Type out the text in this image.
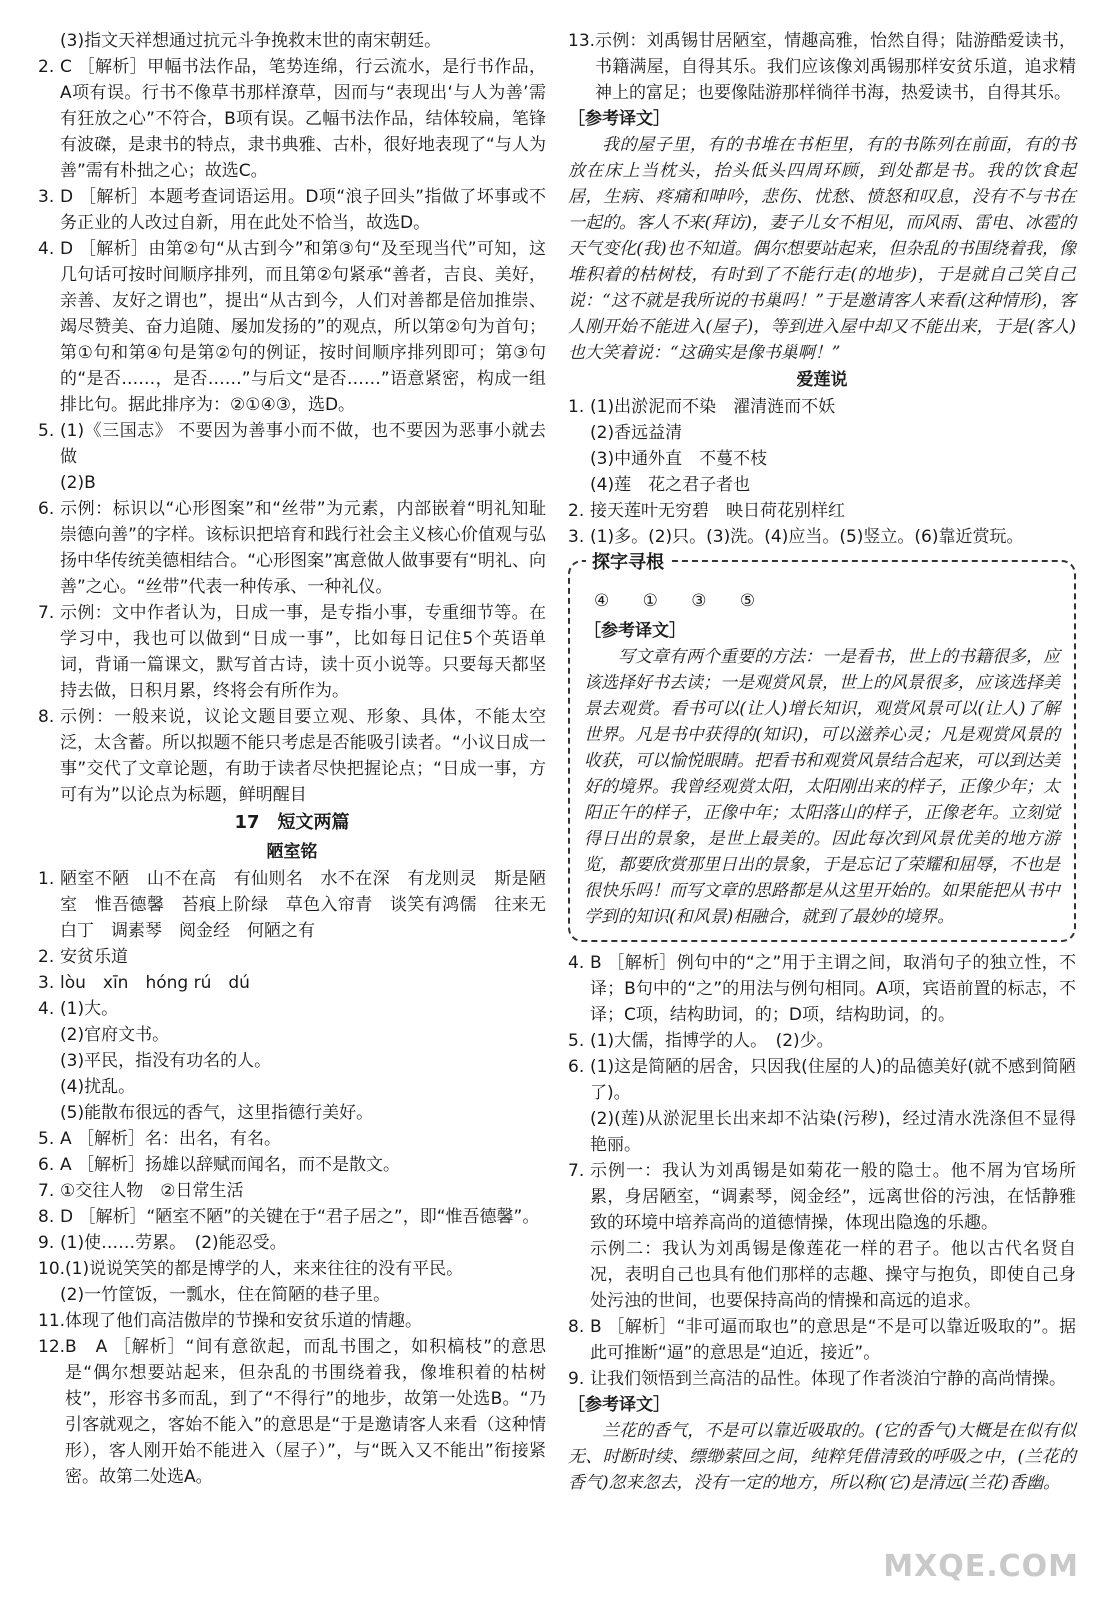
(3)指文天祥想通过抗元斗争挽救末世的南宋朝廷。
2. C ［解析］甲幅书法作品，笔势连绵，行云流水，是行书作品，A项有误。行书不像草书那样潦草，因而与“表现出‘与人为善’需有狂放之心”不符合，B项有误。乙幅书法作品，结体较扁，笔锋有波磔，是隶书的特点，隶书典雅、古朴，很好地表现了“与人为善”需有朴拙之心；故选C。
3. D ［解析］本题考查词语运用。D项“浪子回头”指做了坏事或不务正业的人改过自新，用在此处不恰当，故选D。
4. D ［解析］由第②句“从古到今”和第③句“及至现当代”可知，这几句话可按时间顺序排列，而且第②句紧承“善者，吉良、美好，亲善、友好之谓也”，提出“从古到今，人们对善都是倍加推崇、竭尽赞美、奋力追随、屡加发扬的”的观点，所以第②句为首句；第①句和第④句是第②句的例证，按时间顺序排列即可；第③句的“是否……，是否……”与后文“是否……”语意紧密，构成一组排比句。据此排序为：②①④③，选D。
5. (1)《三国志》 不要因为善事小而不做，也不要因为恶事小就去做
(2)B
6. 示例：标识以“心形图案”和“丝带”为元素，内部嵌着“明礼知耻崇德向善”的字样。该标识把培育和践行社会主义核心价值观与弘扬中华传统美德相结合。“心形图案”寓意做人做事要有“明礼、向善”之心。“丝带”代表一种传承、一种礼仪。
7. 示例：文中作者认为，日成一事，是专指小事，专重细节等。在学习中，我也可以做到“日成一事”，比如每日记住5个英语单词，背诵一篇课文，默写首古诗，读十页小说等。只要每天都坚持去做，日积月累，终将会有所作为。
8. 示例：一般来说，议论文题目要立观、形象、具体，不能太空泛，太含蓄。所以拟题不能只考虑是否能吸引读者。“小议日成一事”交代了文章论题，有助于读者尽快把握论点；“日成一事，方可有为”以论点为标题，鲜明醒目
17　短文两篇
陋室铭
1. 陋室不陋　山不在高　有仙则名　水不在深　有龙则灵　斯是陋室　惟吾德馨　苔痕上阶绿　草色入帘青　谈笑有鸿儒　往来无白丁　调素琴　阅金经　何陋之有
2. 安贫乐道
3. lòu　xīn　hóng rú　dú
4. (1)大。
(2)官府文书。
(3)平民，指没有功名的人。
(4)扰乱。
(5)能散布很远的香气，这里指德行美好。
5. A ［解析］名：出名，有名。
6. A ［解析］扬雄以辞赋而闻名，而不是散文。
7. ①交往人物　②日常生活
8. D ［解析］“陋室不陋”的关键在于“君子居之”，即“惟吾德馨”。
9. (1)使……劳累。　(2)能忍受。
10. (1)说说笑笑的都是博学的人，来来往往的没有平民。
(2)一竹筐饭，一瓢水，住在简陋的巷子里。
11. 体现了他们高洁傲岸的节操和安贫乐道的情趣。
12. B　A ［解析］“间有意欲起，而乱书围之，如积槁枝”的意思是“偶尔想要站起来，但杂乱的书围绕着我，像堆积着的枯树枝”，形容书多而乱，到了“不得行”的地步，故第一处选B。“乃引客就观之，客始不能入”的意思是“于是邀请客人来看（这种情形），客人刚开始不能进入（屋子）”，与“既入又不能出”衔接紧密。故第二处选A。
13. 示例：刘禹锡甘居陋室，情趣高雅，怡然自得；陆游酷爱读书，书籍满屋，自得其乐。我们应该像刘禹锡那样安贫乐道，追求精神上的富足；也要像陆游那样徜徉书海，热爱读书，自得其乐。
［参考译文］
我的屋子里，有的书堆在书柜里，有的书陈列在前面，有的书放在床上当枕头，抬头低头四周环顾，到处都是书。我的饮食起居，生病、疼痛和呻吟，悲伤、忧愁、愤怒和叹息，没有不与书在一起的。客人不来(拜访)，妻子儿女不相见，而风雨、雷电、冰雹的天气变化(我)也不知道。偶尔想要站起来，但杂乱的书围绕着我，像堆积着的枯树枝，有时到了不能行走(的地步)，于是就自己笑自己说：“这不就是我所说的书巢吗！”于是邀请客人来看(这种情形)，客人刚开始不能进入(屋子)，等到进入屋中却又不能出来，于是(客人)也大笑着说：“这确实是像书巢啊！”
爱莲说
1. (1)出淤泥而不染　濯清涟而不妖
(2)香远益清
(3)中通外直　不蔓不枝
(4)莲　花之君子者也
2. 接天莲叶无穷碧　映日荷花别样红
3. (1)多。(2)只。(3)洗。(4)应当。(5)竖立。(6)靠近赏玩。
探字寻根
④ ① ③ ⑤
［参考译文］
写文章有两个重要的方法：一是看书，世上的书籍很多，应该选择好书去读；一是观赏风景，世上的风景很多，应该选择美景去观赏。看书可以(让人)增长知识，观赏风景可以(让人)了解世界。凡是书中获得的(知识)，可以滋养心灵；凡是观赏风景的收获，可以愉悦眼睛。把看书和观赏风景结合起来，可以到达美好的境界。我曾经观赏太阳，太阳刚出来的样子，正像少年；太阳正午的样子，正像中年；太阳落山的样子，正像老年。立刻觉得日出的景象，是世上最美的。因此每次到风景优美的地方游览，都要欣赏那里日出的景象，于是忘记了荣耀和屈辱，不也是很快乐吗！而写文章的思路都是从这里开始的。如果能把从书中学到的知识(和风景)相融合，就到了最妙的境界。
4. B ［解析］例句中的“之”用于主谓之间，取消句子的独立性，不译；B句中的“之”的用法与例句相同。A项，宾语前置的标志，不译；C项，结构助词，的；D项，结构助词，的。
5. (1)大儒，指博学的人。　(2)少。
6. (1)这是简陋的居舍，只因我(住屋的人)的品德美好(就不感到简陋了)。
(2)(莲)从淤泥里长出来却不沾染(污秽)，经过清水洗涤但不显得艳丽。
7. 示例一：我认为刘禹锡是如菊花一般的隐士。他不屑为官场所累，身居陋室，“调素琴，阅金经”，远离世俗的污浊，在恬静雅致的环境中培养高尚的道德情操，体现出隐逸的乐趣。
示例二：我认为刘禹锡是像莲花一样的君子。他以古代名贤自况，表明自己也具有他们那样的志趣、操守与抱负，即使自己身处污浊的世间，也要保持高尚的情操和高远的追求。
8. B ［解析］“非可逼而取也”的意思是“不是可以靠近吸取的”。据此可推断“逼”的意思是“迫近，接近”。
9. 让我们领悟到兰高洁的品性。体现了作者淡泊宁静的高尚情操。
［参考译文］
兰花的香气，不是可以靠近吸取的。(它的香气)大概是在似有似无、时断时续、缥缈萦回之间，纯粹凭借清致的呼吸之中，(兰花的香气)忽来忽去，没有一定的地方，所以称(它)是清远(兰花)香幽。
MXQE.COM
